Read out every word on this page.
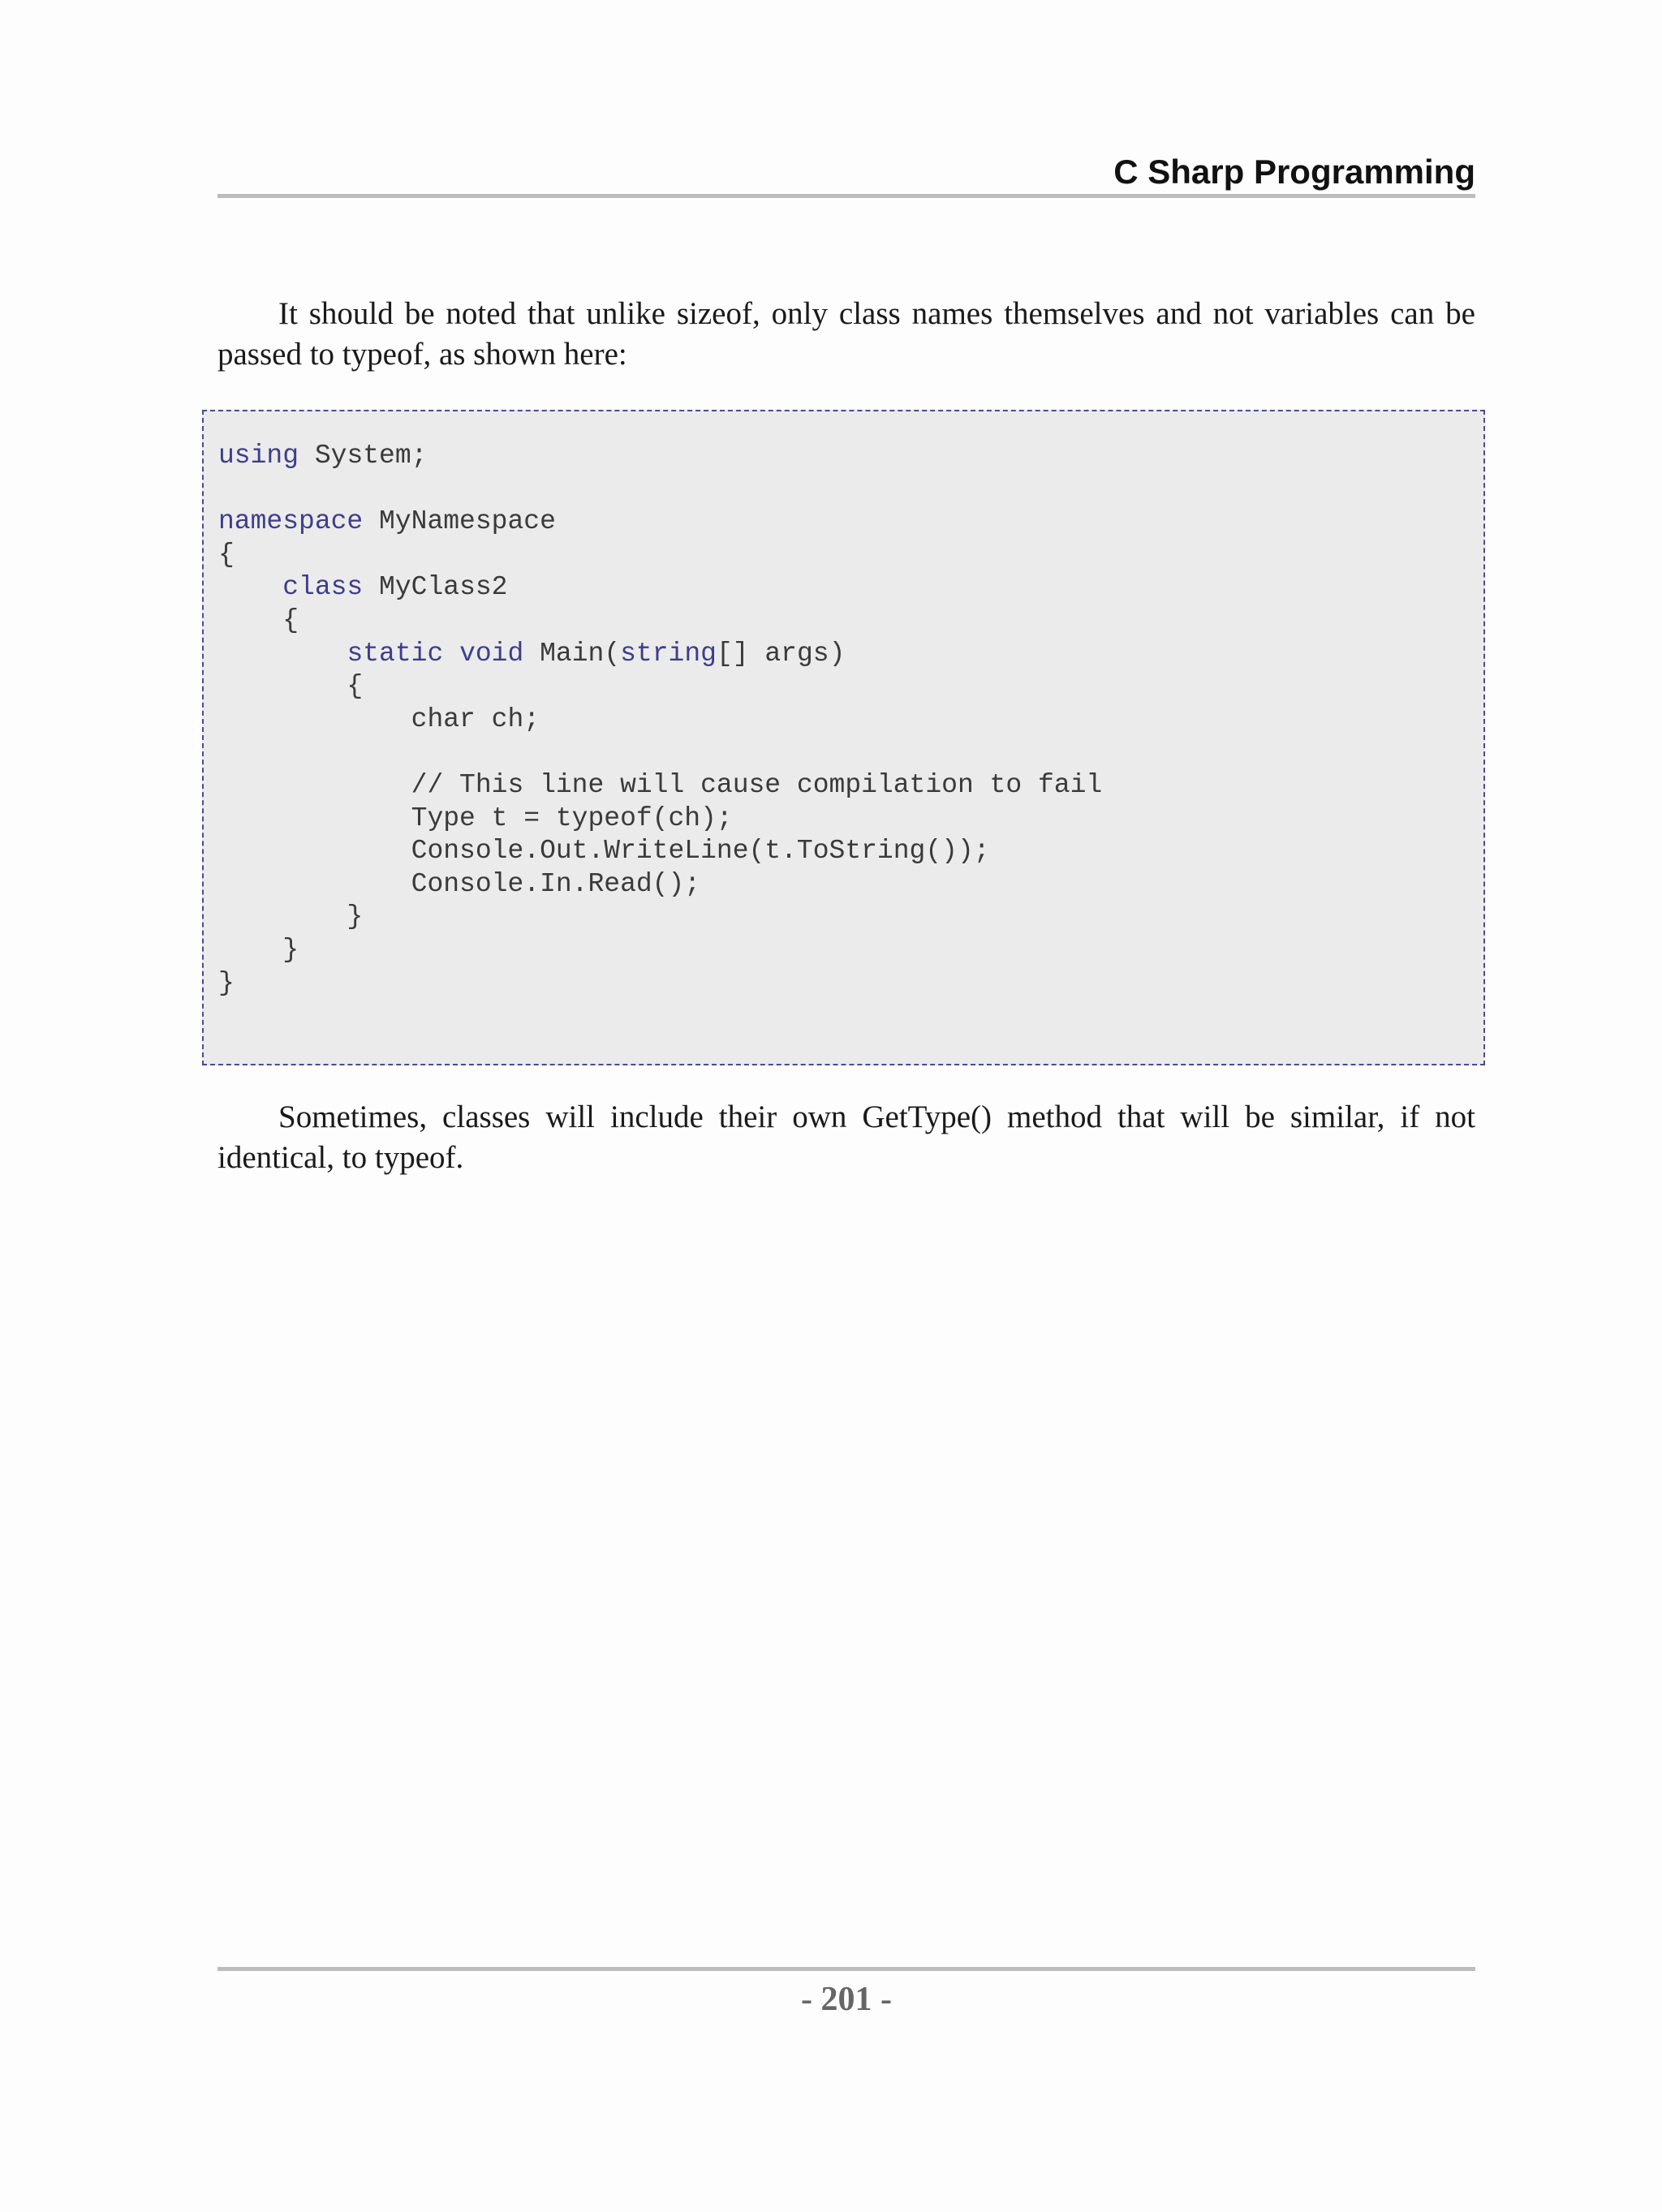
C Sharp Programming

It should be noted that unlike sizeof, only class names themselves and not variables can be passed to typeof, as shown here:

using System;
namespace MyNamespace
{
class MyClass2
{
static void Main(string[] args)
{
char ch;
// This line will cause compilation to fail
Type t = typeof(ch);
Console.Out.WriteLine(t.ToString());
Console.In.Read();
}
}
}

Sometimes, classes will include their own GetType() method that will be similar, if not identical, to typeof.

- 201 -
